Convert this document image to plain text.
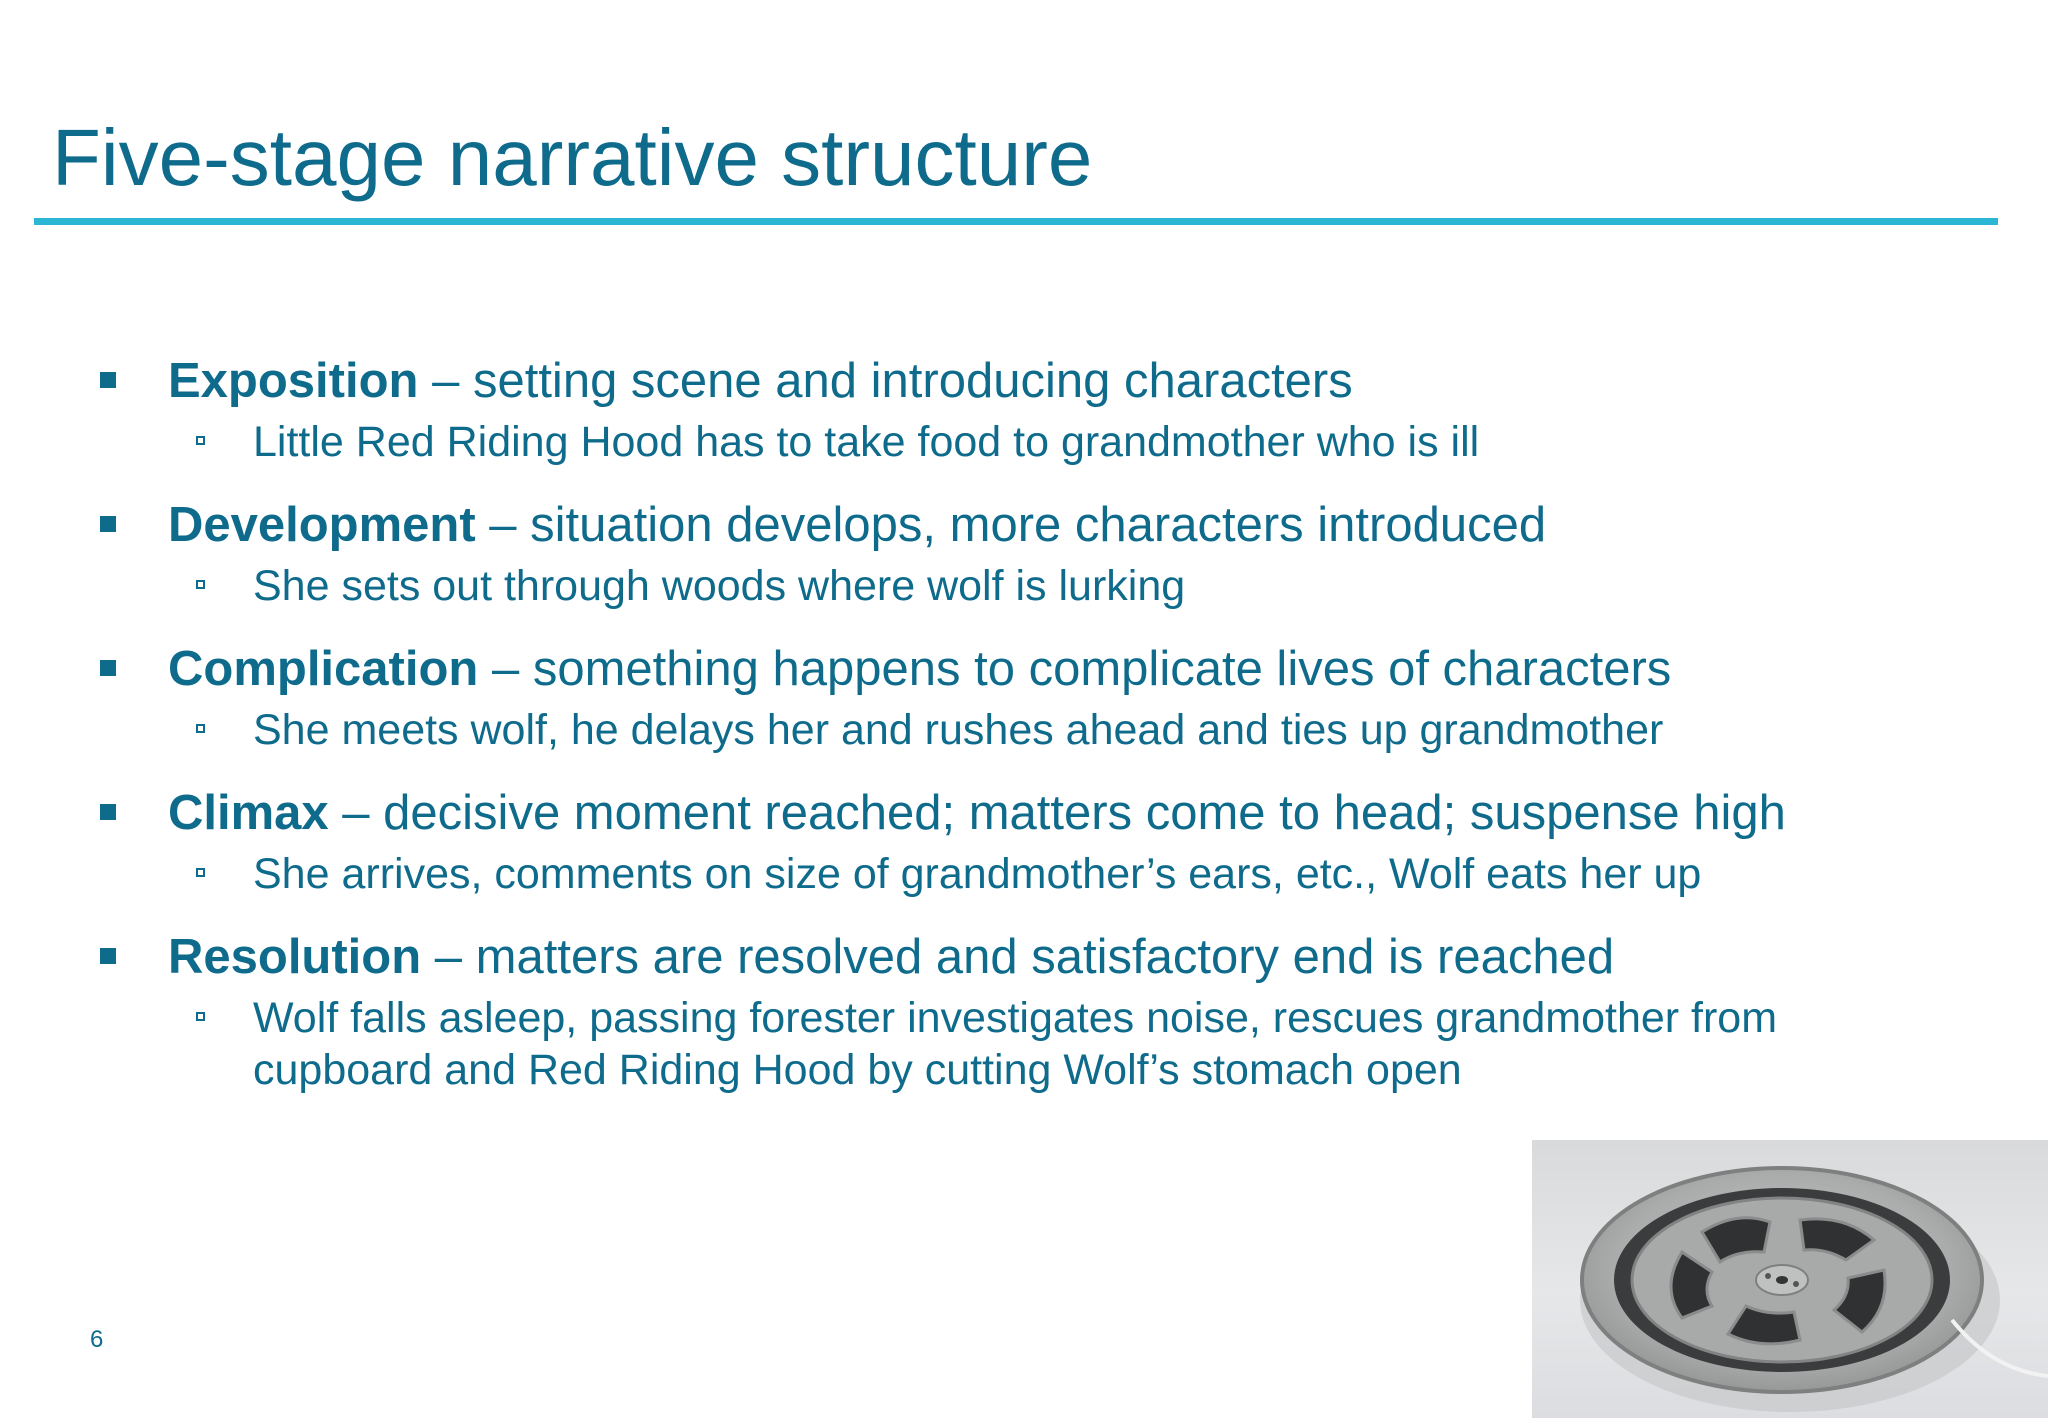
Five-stage narrative structure
Exposition – setting scene and introducing characters
Little Red Riding Hood has to take food to grandmother who is ill
Development – situation develops, more characters introduced
She sets out through woods where wolf is lurking
Complication – something happens to complicate lives of characters
She meets wolf, he delays her and rushes ahead and ties up grandmother
Climax – decisive moment reached; matters come to head; suspense high
She arrives, comments on size of grandmother’s ears, etc., Wolf eats her up
Resolution – matters are resolved and satisfactory end is reached
Wolf falls asleep, passing forester investigates noise, rescues grandmother from cupboard and Red Riding Hood by cutting Wolf’s stomach open
6
